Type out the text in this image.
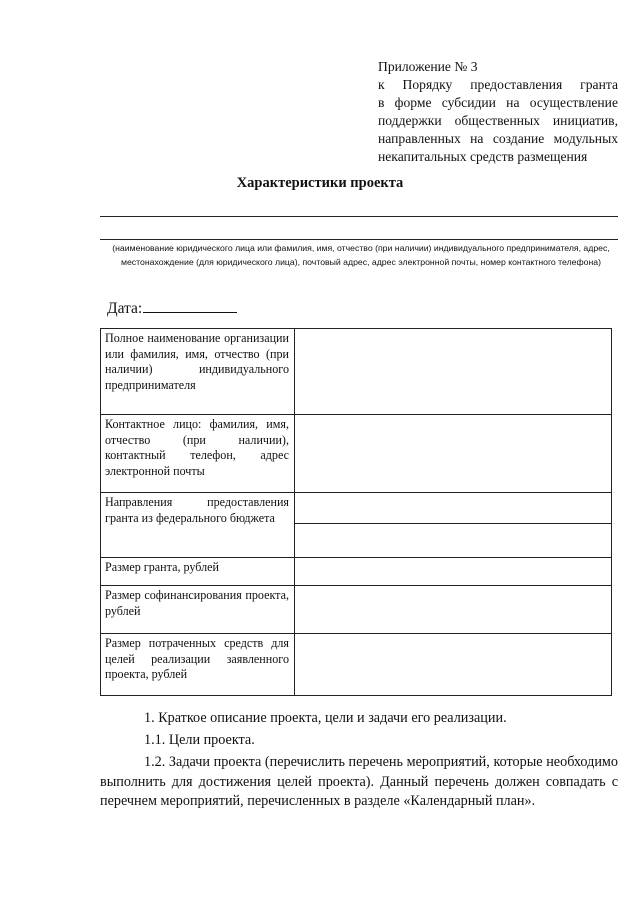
Приложение № 3
к Порядку предоставления гранта
в форме субсидии на осуществление
поддержки общественных инициатив,
направленных на создание модульных
некапитальных средств размещения
Характеристики проекта
(наименование юридического лица или фамилия, имя, отчество (при наличии) индивидуального предпринимателя, адрес, местонахождение (для юридического лица), почтовый адрес, адрес электронной почты, номер контактного телефона)
Дата:
Полное наименование организации или фамилия, имя, отчество (при наличии) индивидуального предпринимателя	
Контактное лицо: фамилия, имя, отчество (при наличии), контактный телефон, адрес электронной почты	
Направления предоставления гранта из федерального бюджета	

Размер гранта, рублей	
Размер софинансирования проекта, рублей	
Размер потраченных средств для целей реализации заявленного проекта, рублей	
1. Краткое описание проекта, цели и задачи его реализации.
1.1. Цели проекта.
1.2. Задачи проекта (перечислить перечень мероприятий, которые необходимо выполнить для достижения целей проекта). Данный перечень должен совпадать с перечнем мероприятий, перечисленных в разделе «Календарный план».
